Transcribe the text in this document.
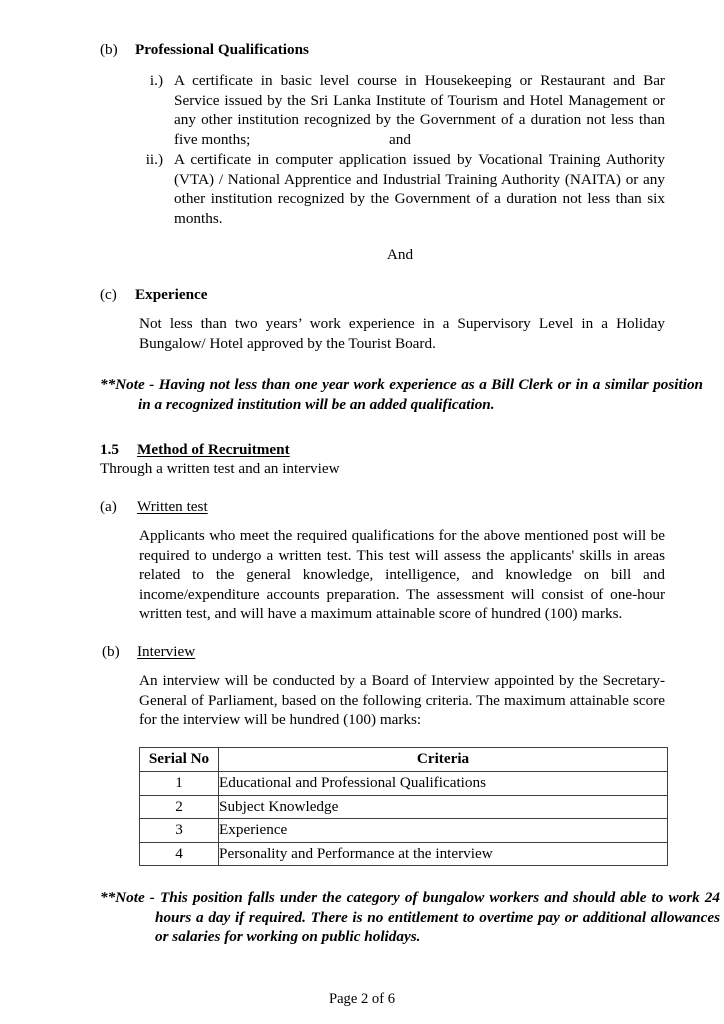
(b)	Professional Qualifications
i.) A certificate in basic level course in Housekeeping or Restaurant and Bar Service issued by the Sri Lanka Institute of Tourism and Hotel Management or any other institution recognized by the Government of a duration not less than five months;	and
ii.) A certificate in computer application issued by Vocational Training Authority (VTA) / National Apprentice and Industrial Training Authority (NAITA) or any other institution recognized by the Government of a duration not less than six months.
And
(c)	Experience
Not less than two years’ work experience in a Supervisory Level in a Holiday Bungalow/ Hotel approved by the Tourist Board.
**Note - Having not less than one year work experience as a Bill Clerk or in a similar position in a recognized institution will be an added qualification.
1.5	Method of Recruitment
Through a written test and an interview
(a)	Written test
Applicants who meet the required qualifications for the above mentioned post will be required to undergo a written test. This test will assess the applicants' skills in areas related to the general knowledge, intelligence, and knowledge on bill and income/expenditure accounts preparation. The assessment will consist of one-hour written test, and will have a maximum attainable score of hundred (100) marks.
(b)	Interview
An interview will be conducted by a Board of Interview appointed by the Secretary-General of Parliament, based on the following criteria. The maximum attainable score for the interview will be hundred (100) marks:
Serial No	Criteria
1	Educational and Professional Qualifications
2	Subject Knowledge
3	Experience
4	Personality and Performance at the interview
**Note - This position falls under the category of bungalow workers and should able to work 24 hours a day if required. There is no entitlement to overtime pay or additional allowances or salaries for working on public holidays.
Page 2 of 6
